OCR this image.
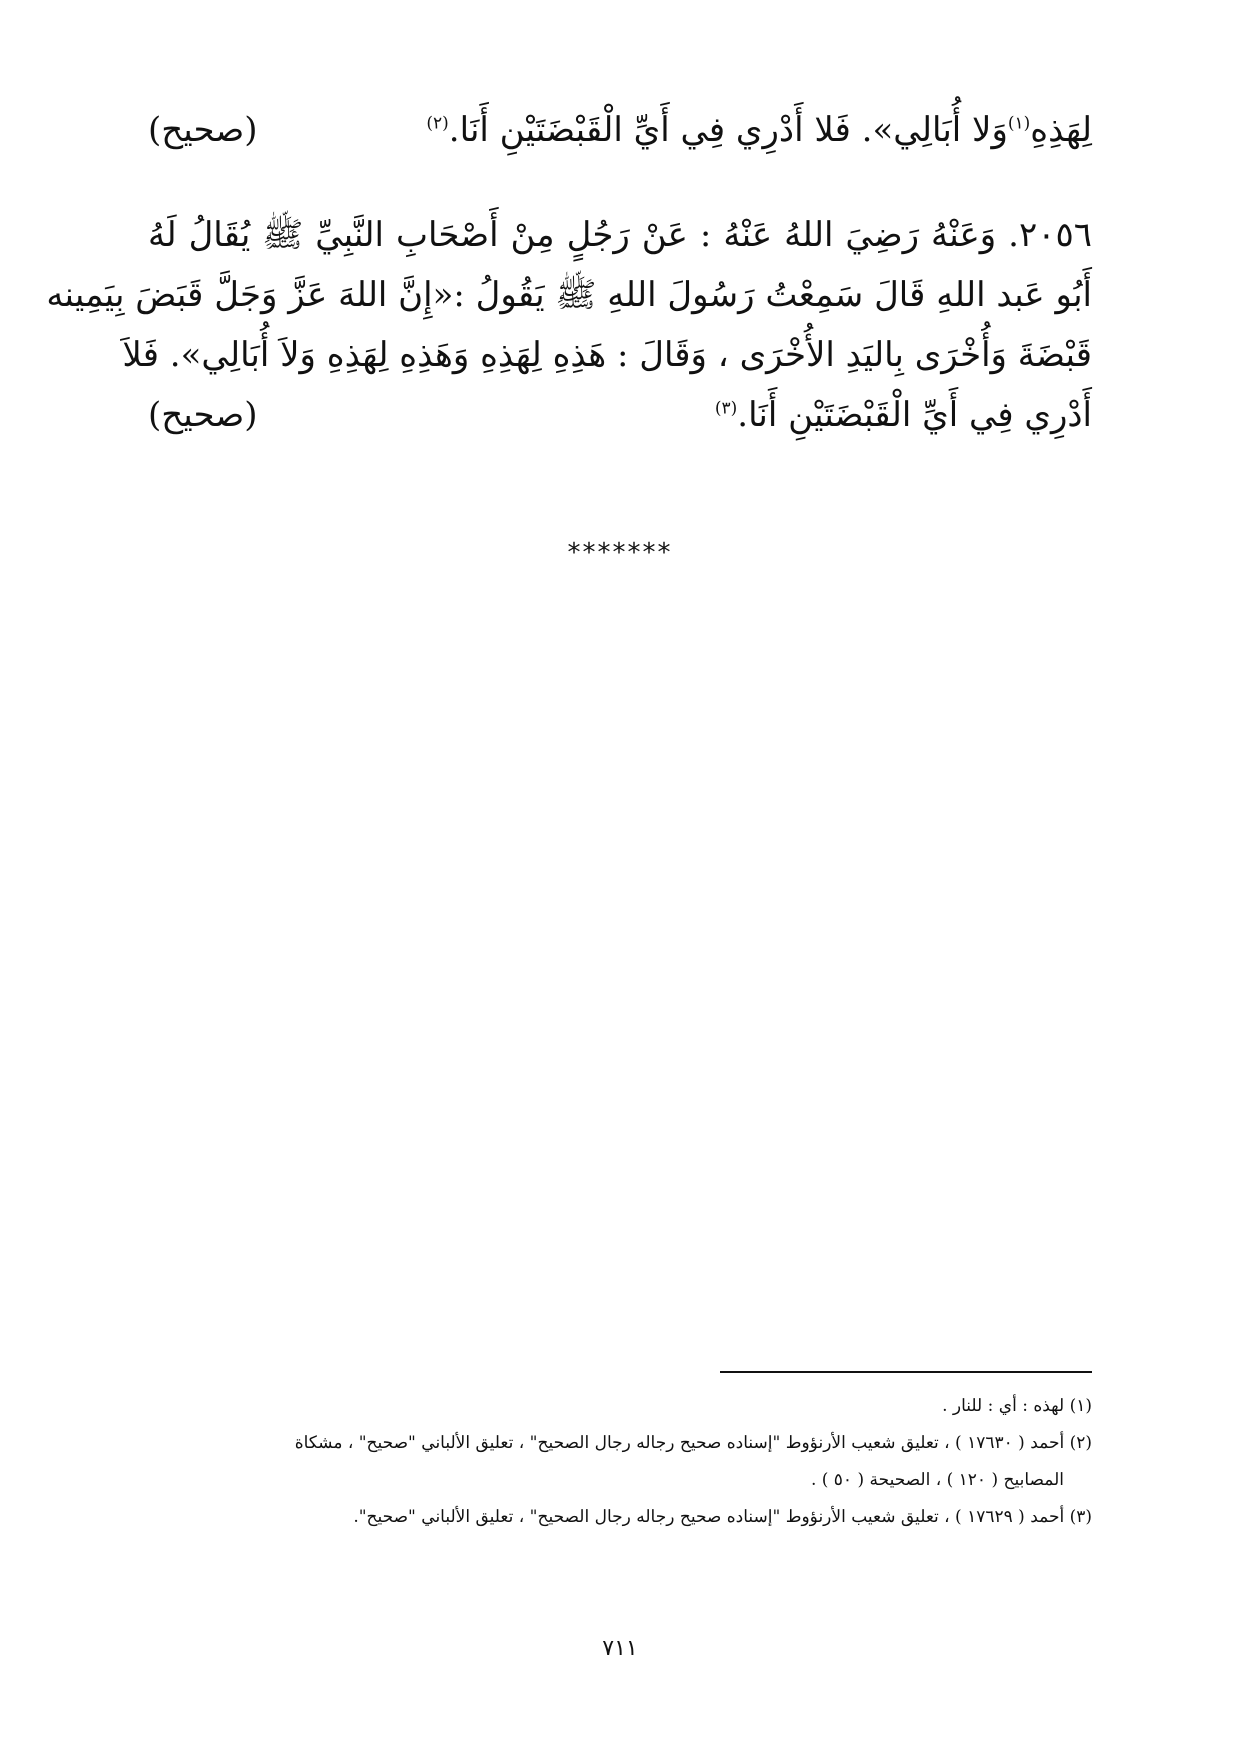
لِهَذِهِ$^{(١)}$وَلا أُبَالِي». فَلا أَدْرِي فِي أَيِّ الْقَبْضَتَيْنِ أَنَا.$^{(٢)}$
(صحيح)
٢٠٥٦. وَعَنْهُ رَضِيَ اللهُ عَنْهُ : عَنْ رَجُلٍ مِنْ أَصْحَابِ النَّبِيِّ ﷺ يُقَالُ لَهُ
أَبُو عَبد اللهِ قَالَ سَمِعْتُ رَسُولَ اللهِ ﷺ يَقُولُ :«إِنَّ اللهَ عَزَّ وَجَلَّ قَبَضَ بِيَمِينه
قَبْضَةَ وَأُخْرَى بِاليَدِ الأُخْرَى ، وَقَالَ : هَذِهِ لِهَذِهِ وَهَذِهِ لِهَذِهِ وَلاَ أُبَالِي». فَلاَ
أَدْرِي فِي أَيِّ الْقَبْضَتَيْنِ أَنَا.$^{(٣)}$
(صحيح)
*******
(١) لهذه : أي : للنار .
(٢) أحمد ( ١٧٦٣٠ ) ، تعليق شعيب الأرنؤوط "إسناده صحيح رجاله رجال الصحيح" ، تعليق الألباني "صحيح" ، مشكاة
المصابيح ( ١٢٠ ) ، الصحيحة ( ٥٠ ) .
(٣) أحمد ( ١٧٦٢٩ ) ، تعليق شعيب الأرنؤوط "إسناده صحيح رجاله رجال الصحيح" ، تعليق الألباني "صحيح".
٧١١
